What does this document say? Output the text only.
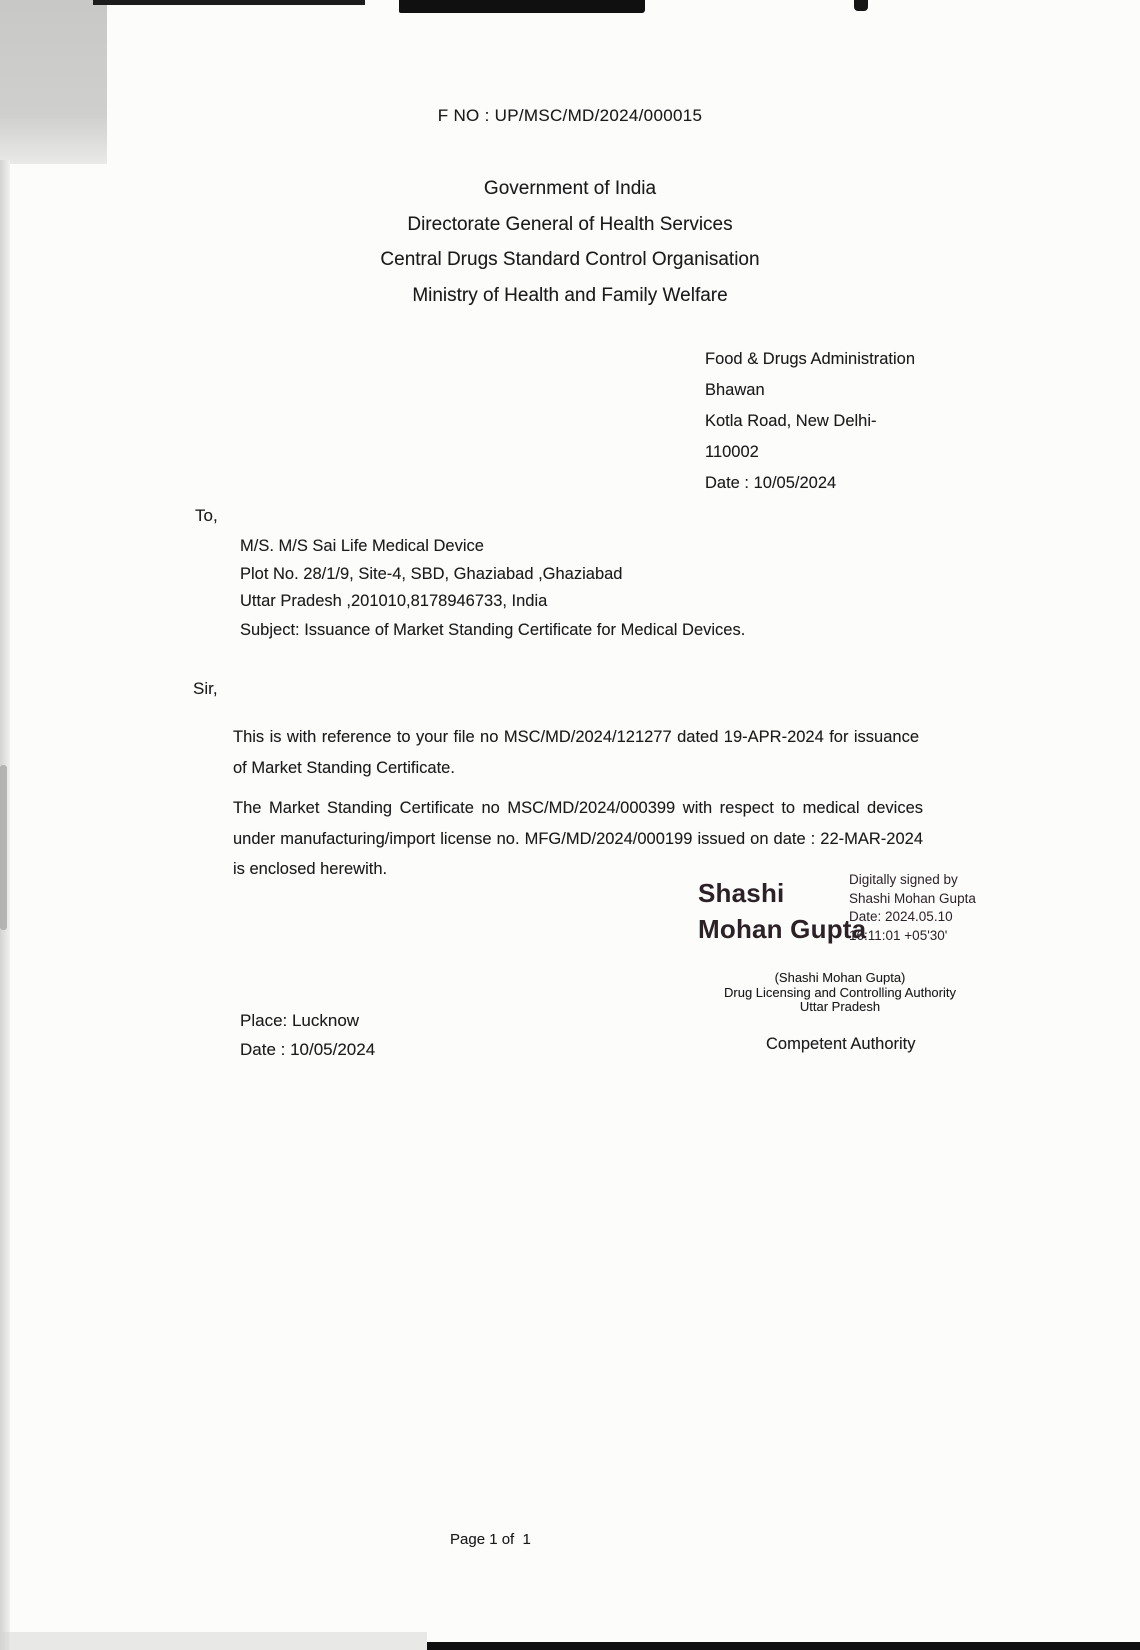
F NO : UP/MSC/MD/2024/000015
Government of India
Directorate General of Health Services
Central Drugs Standard Control Organisation
Ministry of Health and Family Welfare
Food & Drugs Administration
Bhawan
Kotla Road, New Delhi-
110002
Date : 10/05/2024
To,
M/S. M/S Sai Life Medical Device
Plot No. 28/1/9, Site-4, SBD, Ghaziabad ,Ghaziabad
Uttar Pradesh ,201010,8178946733, India
Subject: Issuance of Market Standing Certificate for Medical Devices.
Sir,
This is with reference to your file no MSC/MD/2024/121277 dated 19-APR-2024 for issuance of Market Standing Certificate.
The Market Standing Certificate no MSC/MD/2024/000399 with respect to medical devices under manufacturing/import license no. MFG/MD/2024/000199 issued on date : 22-MAR-2024 is enclosed herewith.
Shashi
Mohan Gupta
Digitally signed by
Shashi Mohan Gupta
Date: 2024.05.10
16:11:01 +05'30'
(Shashi Mohan Gupta)
Drug Licensing and Controlling Authority
Uttar Pradesh
Place: Lucknow
Date : 10/05/2024	Competent Authority
Page 1 of  1
